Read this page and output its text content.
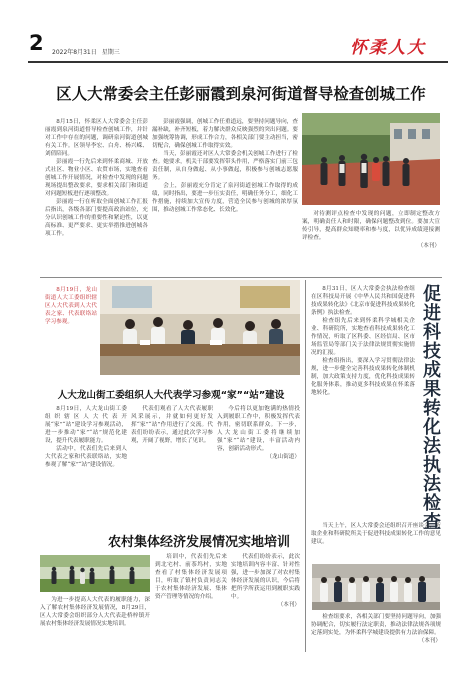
2 2022年8月31日 星期三	怀柔人大
区人大常委会主任彭丽霞到泉河街道督导检查创城工作

8月15日，怀柔区人大常委会主任彭丽霞到泉河街道督导检查创城工作，并针对工作中存在的问题，调研泉河街道创城有关工作。区领导李宏、白舟、杨兴嵘、刘倩陪同。

彭丽霞一行先后来到怀柔商城、开放式社区、物业小区、农贸市场，实地查看创城工作开展情况，对检查中发现的问题现场提出整改要求，要求相关部门和街道对问题短板进行逐项整改。

彭丽霞一行在听取全面创城工作汇报后指出，各级各部门要提高政治站位，充分认识创城工作的重要性和紧迫性，以更高标准、更严要求、更实举措推进创城各项工作。

彭丽霞强调，创城工作任重道远，要坚持问题导向，查漏补缺，补齐短板，着力解决群众反映强烈的突出问题。要加强统筹协调，形成工作合力，各相关部门要主动担当，密切配合，确保创城工作取得实效。

当天，彭丽霞还对区人大常委会机关创城工作进行了检查。她要求，机关干部要发挥带头作用，严格落实门前三包责任制，从自身做起、从小事做起，积极参与创城志愿服务。

会上，彭丽霞充分肯定了泉河街道创城工作取得的成绩，同时指出，要进一步压实责任，明确任务分工，细化工作措施，持续加大宣传力度，营造全民参与创城的浓厚氛围，推动创城工作常态化、长效化。

对待测评点检查中发现的问题，立即制定整改方案，明确责任人和时限，确保问题整改到位。要加大宣传引导，提高群众知晓率和参与度，以优异成绩迎接测评检查。

（本刊）

8月19日，龙山街道人大工委组织辖区人大代表到人大代表之家、代表联络站学习参观。

人大龙山街工委组织人大代表学习参观“家”“站”建设

8月19日，人大龙山街工委组织辖区人大代表开展“家”“站”建设学习参观活动，进一步推动“家”“站”规范化建设，提升代表履职能力。

活动中，代表们先后来到人大代表之家和代表联络站，实地参观了解“家”“站”建设情况。

代表们观看了人大代表履职风采展示，并就如何更好发挥“家”“站”作用进行了交流。代表们纷纷表示，通过此次学习参观，开阔了视野，增长了见识。

今后将以更加饱满的热情投入到履职工作中，积极发挥代表作用，密切联系群众。下一步，人大龙山街工委将继续加强“家”“站”建设，丰富活动内容，创新活动形式。

（龙山街道）

农村集体经济发展情况实地培训

为进一步提高人大代表的履职能力，深入了解农村集体经济发展情况，8月29日，区人大常委会组织部分人大代表赴桥梓镇开展农村集体经济发展情况实地培训。

培训中，代表们先后来到北宅村、前茶坞村，实地查看了村集体经济发展项目，听取了镇村负责同志关于农村集体经济发展、集体资产管理等情况的介绍。

代表们纷纷表示，此次实地培训内容丰富、针对性强，进一步加深了对农村集体经济发展的认识，今后将把所学所获运用到履职实践中。

（本刊）

8月31日，区人大常委会执法检查组在区科技局开展《中华人民共和国促进科技成果转化法》《北京市促进科技成果转化条例》执法检查。

检查组先后来到怀柔科学城相关企业、科研院所，实地查看科技成果转化工作情况，听取了区科委、区经信局、区市场监管局等部门关于法律法规贯彻实施情况的汇报。

检查组指出，要深入学习贯彻法律法规，进一步健全完善科技成果转化体制机制，加大政策支持力度，优化科技成果转化服务体系，推动更多科技成果在怀柔落地转化。	促进科技成果转化法执法检查

当天上午，区人大常委会还组织召开座谈会，听取企业和科研院所关于促进科技成果转化工作的意见建议。

检查组要求，各相关部门要坚持问题导向，加强协调配合，切实履行法定职责，推动法律法规各项规定落到实处，为怀柔科学城建设提供有力法治保障。

（本刊）
